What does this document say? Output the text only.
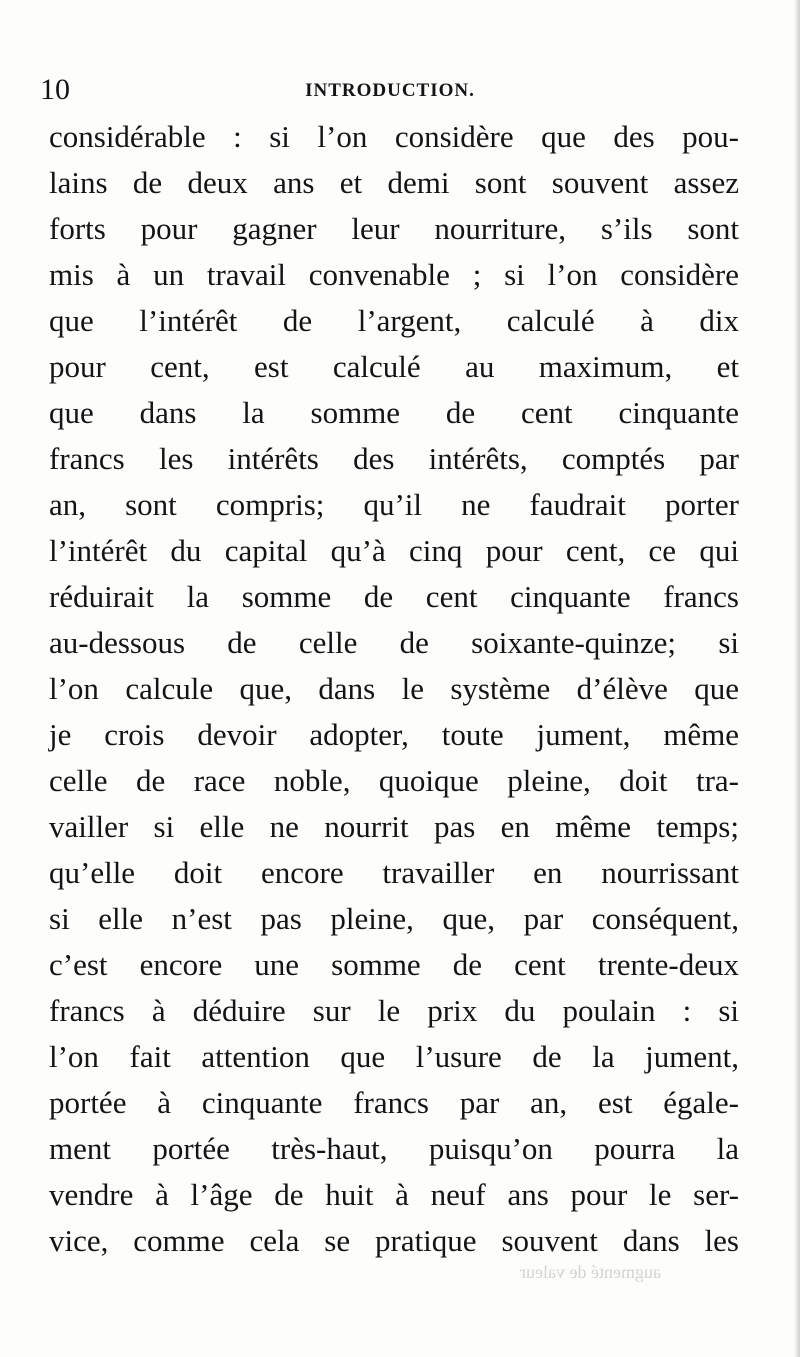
10	INTRODUCTION.
considérable : si l’on considère que des pou-
lains de deux ans et demi sont souvent assez
forts pour gagner leur nourriture, s’ils sont
mis à un travail convenable ; si l’on considère
que l’intérêt de l’argent, calculé à dix
pour cent, est calculé au maximum, et
que dans la somme de cent cinquante
francs les intérêts des intérêts, comptés par
an, sont compris; qu’il ne faudrait porter
l’intérêt du capital qu’à cinq pour cent, ce qui
réduirait la somme de cent cinquante francs
au-dessous de celle de soixante-quinze; si
l’on calcule que, dans le système d’élève que
je crois devoir adopter, toute jument, même
celle de race noble, quoique pleine, doit tra-
vailler si elle ne nourrit pas en même temps;
qu’elle doit encore travailler en nourrissant
si elle n’est pas pleine, que, par conséquent,
c’est encore une somme de cent trente-deux
francs à déduire sur le prix du poulain : si
l’on fait attention que l’usure de la jument,
portée à cinquante francs par an, est égale-
ment portée très-haut, puisqu’on pourra la
vendre à l’âge de huit à neuf ans pour le ser-
vice, comme cela se pratique souvent dans les
augmenté de valeur
